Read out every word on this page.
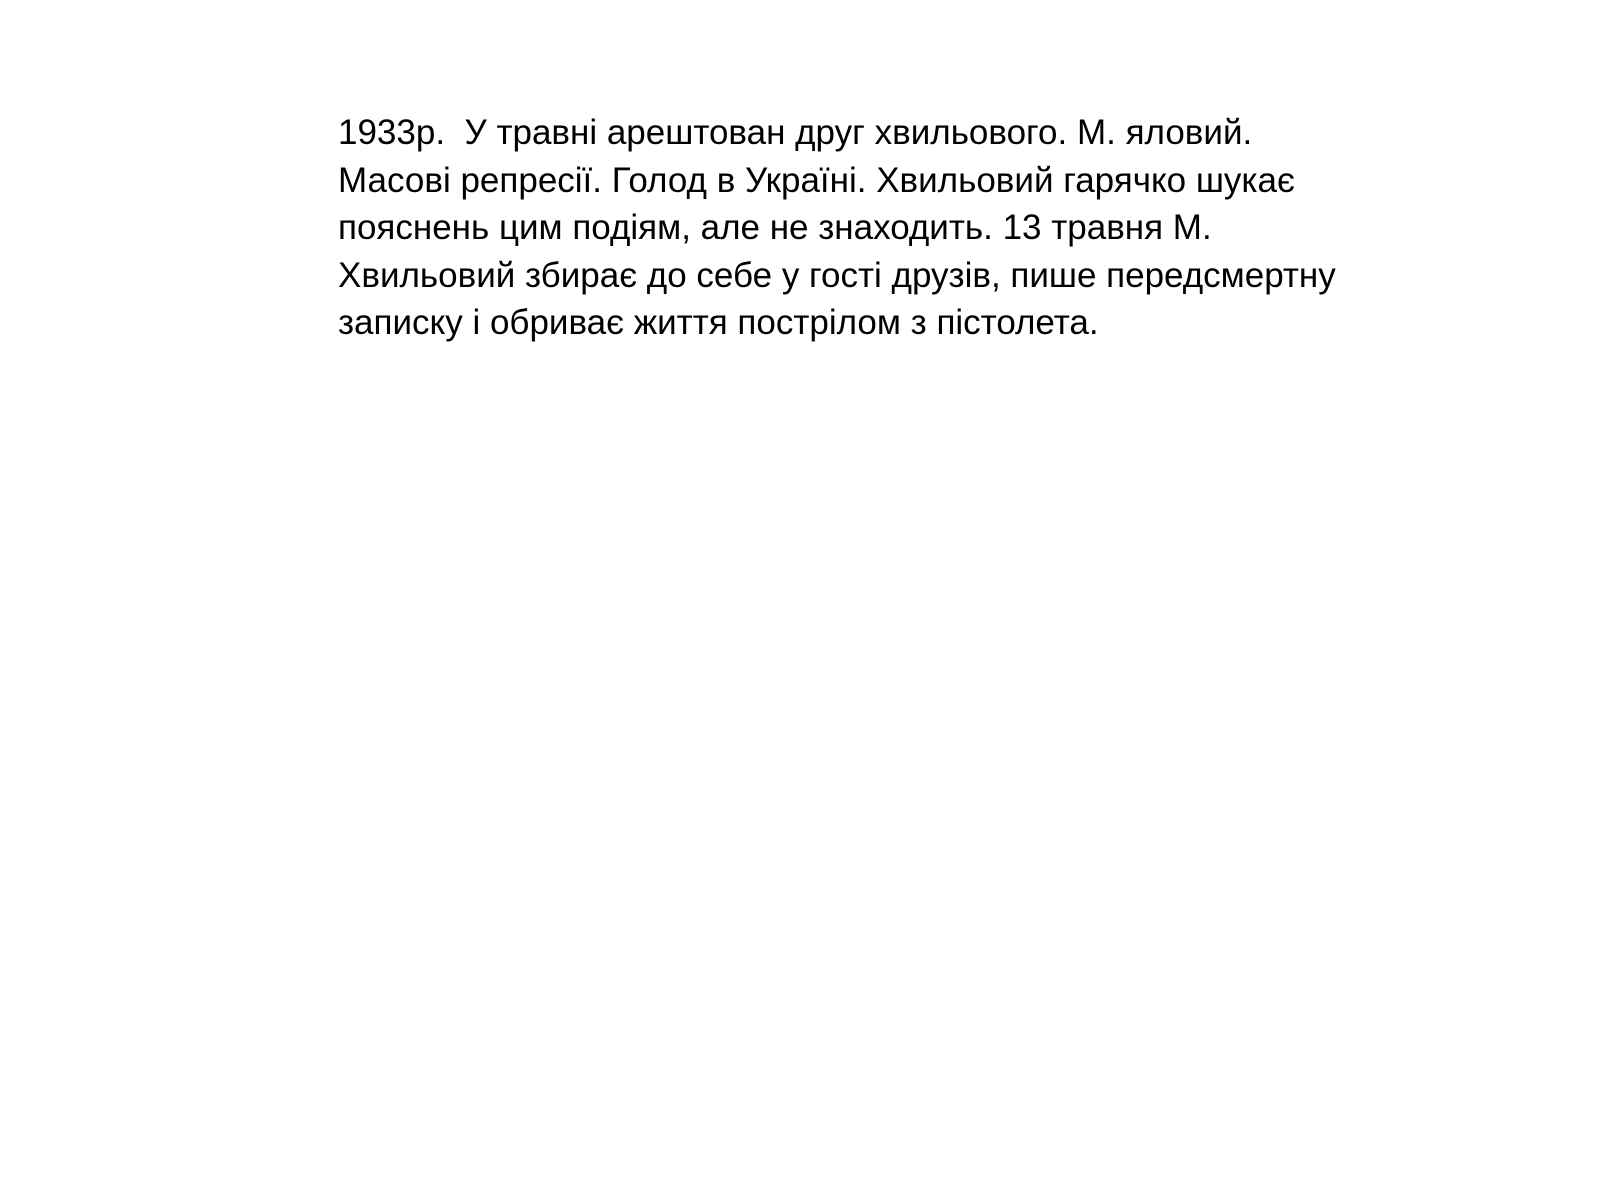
1933р.  У травні арештован друг хвильового. М. яловий.

Масові репресії. Голод в Україні. Хвильовий гарячко шукає

пояснень цим подіям, але не знаходить. 13 травня М.

Хвильовий збирає до себе у гості друзів, пише передсмертну

записку і обриває життя пострілом з пістолета.
